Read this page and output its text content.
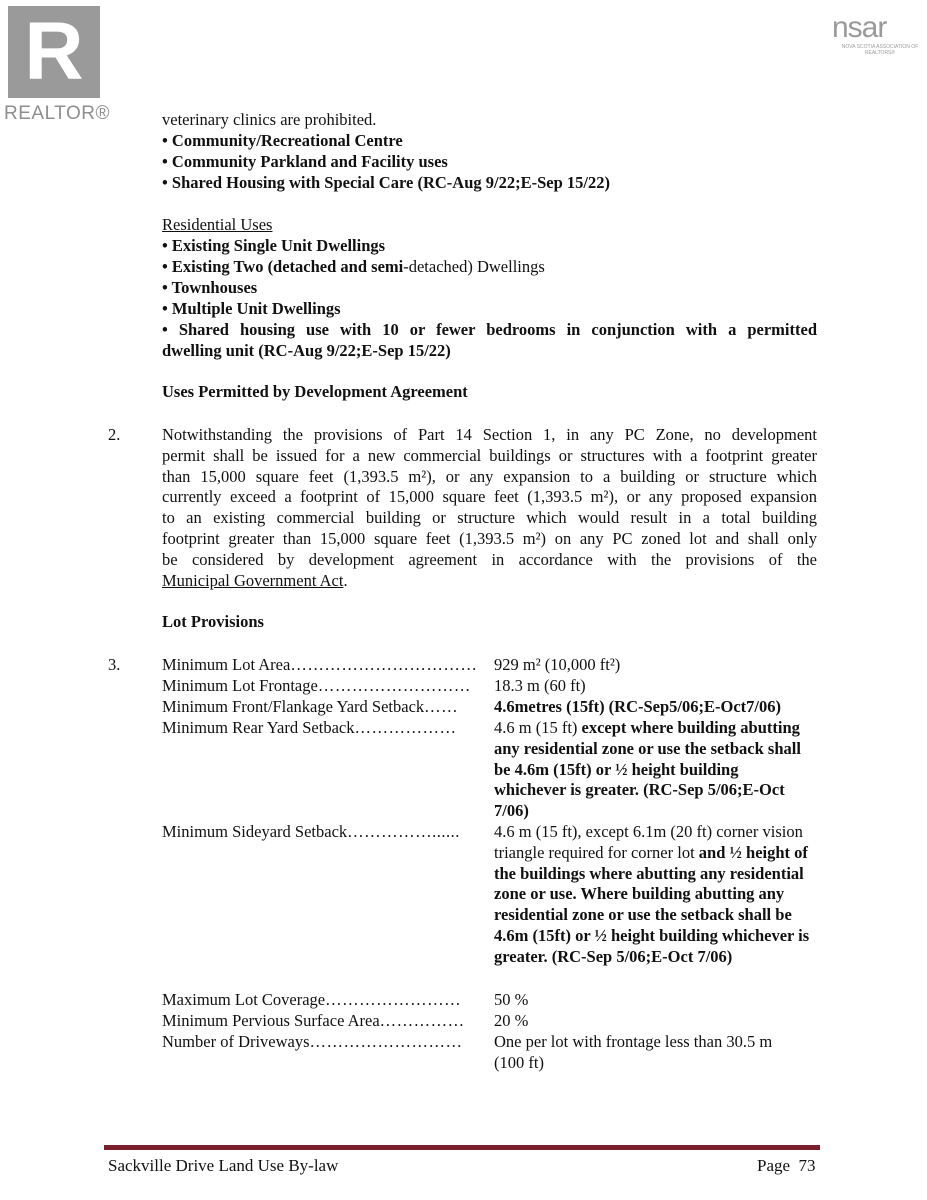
R
REALTOR®
nsar
NOVA SCOTIA ASSOCIATION OF REALTORS®
veterinary clinics are prohibited.
• Community/Recreational Centre
• Community Parkland and Facility uses
• Shared Housing with Special Care (RC-Aug 9/22;E-Sep 15/22)
Residential Uses
• Existing Single Unit Dwellings
• Existing Two (detached and semi-detached) Dwellings
• Townhouses
• Multiple Unit Dwellings
• Shared housing use with 10 or fewer bedrooms in conjunction with a permitted
dwelling unit (RC-Aug 9/22;E-Sep 15/22)
Uses Permitted by Development Agreement
2.	Notwithstanding the provisions of Part 14 Section 1, in any PC Zone, no development
permit shall be issued for a new commercial buildings or structures with a footprint greater
than 15,000 square feet (1,393.5 m²), or any expansion to a building or structure which
currently exceed a footprint of 15,000 square feet (1,393.5 m²), or any proposed expansion
to an existing commercial building or structure which would result in a total building
footprint greater than 15,000 square feet (1,393.5 m²) on any PC zoned lot and shall only
be considered by development agreement in accordance with the provisions of the
Municipal Government Act.
Lot Provisions
3.	Minimum Lot Area…………………………… 929 m² (10,000 ft²)
Minimum Lot Frontage……………………… 18.3 m (60 ft)
Minimum Front/Flankage Yard Setback…… 4.6metres (15ft) (RC-Sep5/06;E-Oct7/06)
Minimum Rear Yard Setback……………… 4.6 m (15 ft) except where building abutting any residential zone or use the setback shall be 4.6m (15ft) or ½ height building whichever is greater. (RC-Sep 5/06;E-Oct 7/06)
Minimum Sideyard Setback……………...... 4.6 m (15 ft), except 6.1m (20 ft) corner vision triangle required for corner lot and ½ height of the buildings where abutting any residential zone or use. Where building abutting any residential zone or use the setback shall be 4.6m (15ft) or ½ height building whichever is greater. (RC-Sep 5/06;E-Oct 7/06)
Maximum Lot Coverage…………………… 50 %
Minimum Pervious Surface Area…………… 20 %
Number of Driveways……………………… One per lot with frontage less than 30.5 m (100 ft)
Sackville Drive Land Use By-law	Page  73
